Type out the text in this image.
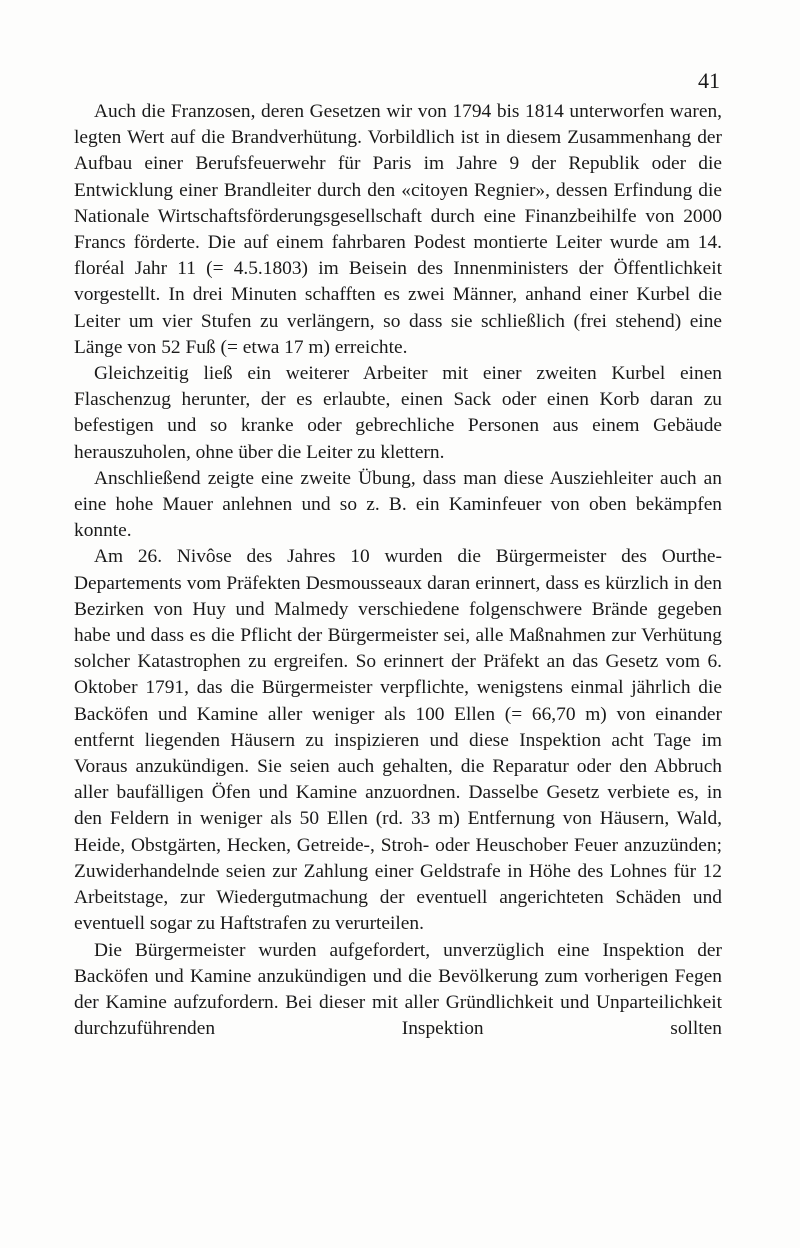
41

Auch die Franzosen, deren Gesetzen wir von 1794 bis 1814 unterworfen waren, legten Wert auf die Brandverhütung. Vorbildlich ist in diesem Zusammenhang der Aufbau einer Berufsfeuerwehr für Paris im Jahre 9 der Republik oder die Entwicklung einer Brandleiter durch den «citoyen Regnier», dessen Erfindung die Nationale Wirtschaftsförderungsgesellschaft durch eine Finanzbeihilfe von 2000 Francs förderte. Die auf einem fahrbaren Podest montierte Leiter wurde am 14. floréal Jahr 11 (= 4.5.1803) im Beisein des Innenministers der Öffentlichkeit vorgestellt. In drei Minuten schafften es zwei Männer, anhand einer Kurbel die Leiter um vier Stufen zu verlängern, so dass sie schließlich (frei stehend) eine Länge von 52 Fuß (= etwa 17 m) erreichte.

Gleichzeitig ließ ein weiterer Arbeiter mit einer zweiten Kurbel einen Flaschenzug herunter, der es erlaubte, einen Sack oder einen Korb daran zu befestigen und so kranke oder gebrechliche Personen aus einem Gebäude herauszuholen, ohne über die Leiter zu klettern.

Anschließend zeigte eine zweite Übung, dass man diese Ausziehleiter auch an eine hohe Mauer anlehnen und so z. B. ein Kaminfeuer von oben bekämpfen konnte.

Am 26. Nivôse des Jahres 10 wurden die Bürgermeister des Ourthe-Departements vom Präfekten Desmousseaux daran erinnert, dass es kürzlich in den Bezirken von Huy und Malmedy verschiedene folgenschwere Brände gegeben habe und dass es die Pflicht der Bürgermeister sei, alle Maßnahmen zur Verhütung solcher Katastrophen zu ergreifen. So erinnert der Präfekt an das Gesetz vom 6. Oktober 1791, das die Bürgermeister verpflichte, wenigstens einmal jährlich die Backöfen und Kamine aller weniger als 100 Ellen (= 66,70 m) von einander entfernt liegenden Häusern zu inspizieren und diese Inspektion acht Tage im Voraus anzukündigen. Sie seien auch gehalten, die Reparatur oder den Abbruch aller baufälligen Öfen und Kamine anzuordnen. Dasselbe Gesetz verbiete es, in den Feldern in weniger als 50 Ellen (rd. 33 m) Entfernung von Häusern, Wald, Heide, Obstgärten, Hecken, Getreide-, Stroh- oder Heuschober Feuer anzuzünden; Zuwiderhandelnde seien zur Zahlung einer Geldstrafe in Höhe des Lohnes für 12 Arbeitstage, zur Wiedergutmachung der eventuell angerichteten Schäden und eventuell sogar zu Haftstrafen zu verurteilen.

Die Bürgermeister wurden aufgefordert, unverzüglich eine Inspektion der Backöfen und Kamine anzukündigen und die Bevölkerung zum vorherigen Fegen der Kamine aufzufordern. Bei dieser mit aller Gründlichkeit und Unparteilichkeit durchzuführenden Inspektion sollten
